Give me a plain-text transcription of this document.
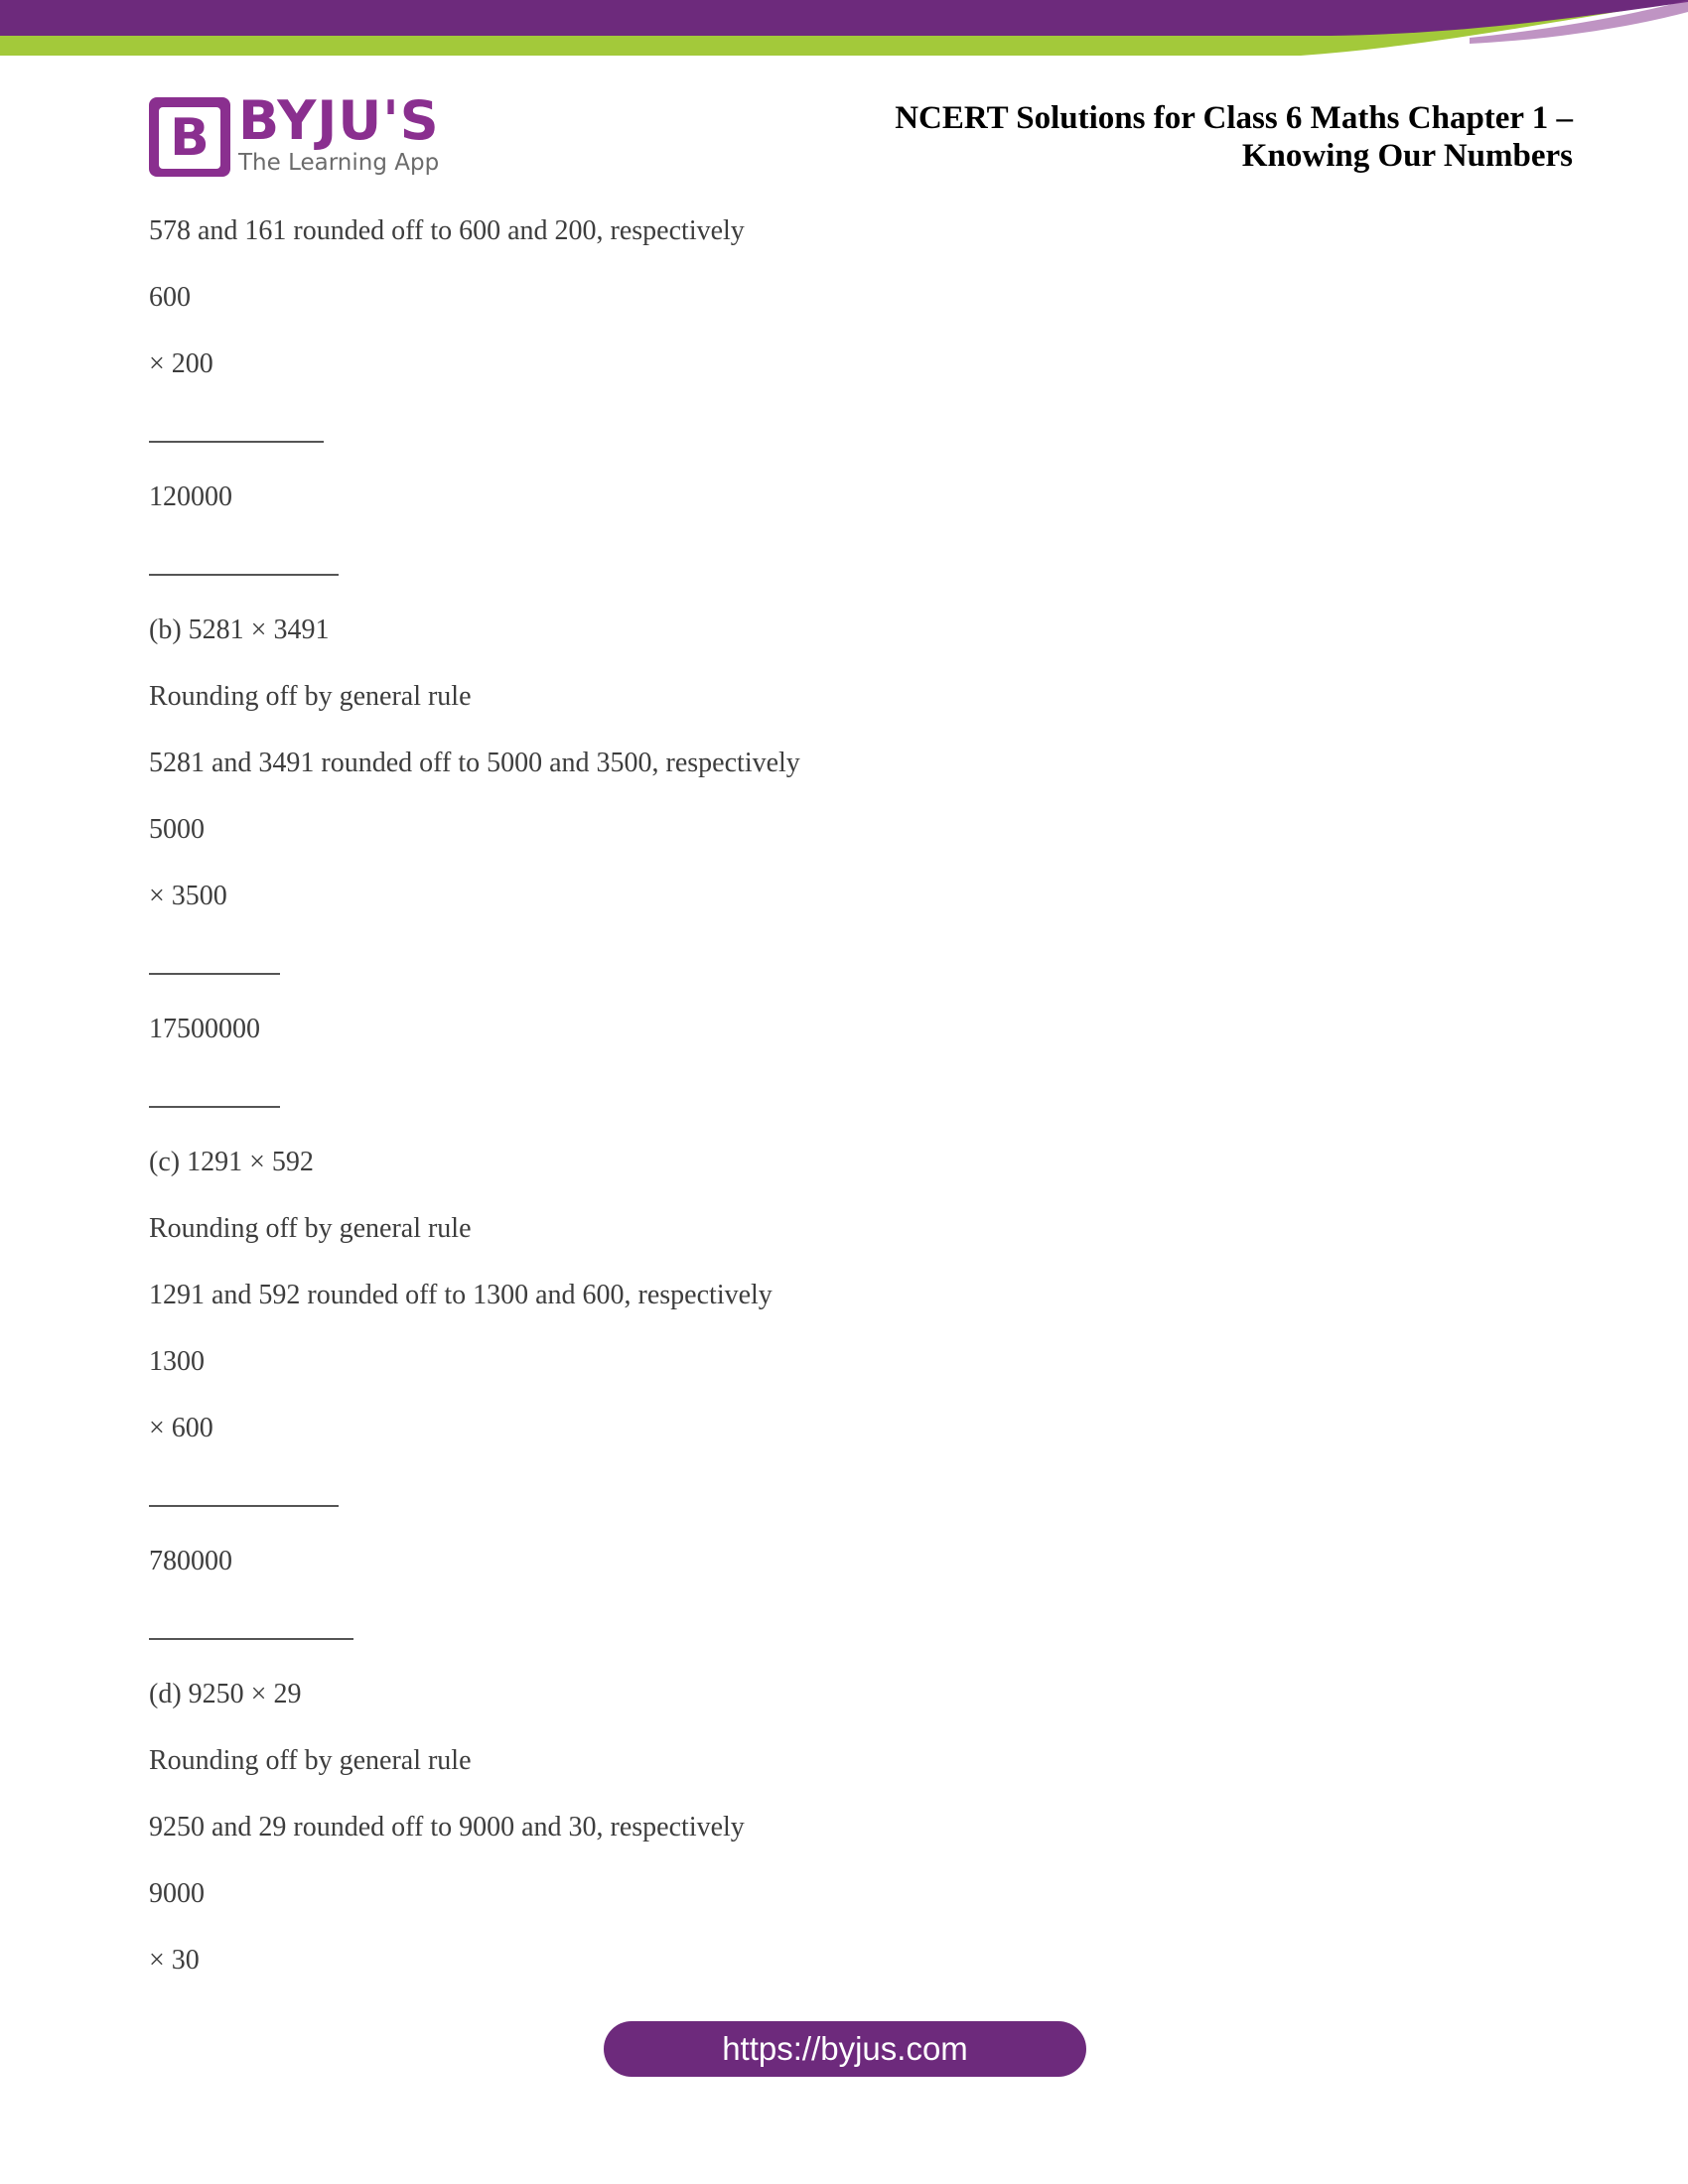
B BYJU'S
The Learning App
NCERT Solutions for Class 6 Maths Chapter 1 –
Knowing Our Numbers
578 and 161 rounded off to 600 and 200, respectively
600
× 200
120000
(b) 5281 × 3491
Rounding off by general rule
5281 and 3491 rounded off to 5000 and 3500, respectively
5000
× 3500
17500000
(c) 1291 × 592
Rounding off by general rule
1291 and 592 rounded off to 1300 and 600, respectively
1300
× 600
780000
(d) 9250 × 29
Rounding off by general rule
9250 and 29 rounded off to 9000 and 30, respectively
9000
× 30
https://byjus.com
